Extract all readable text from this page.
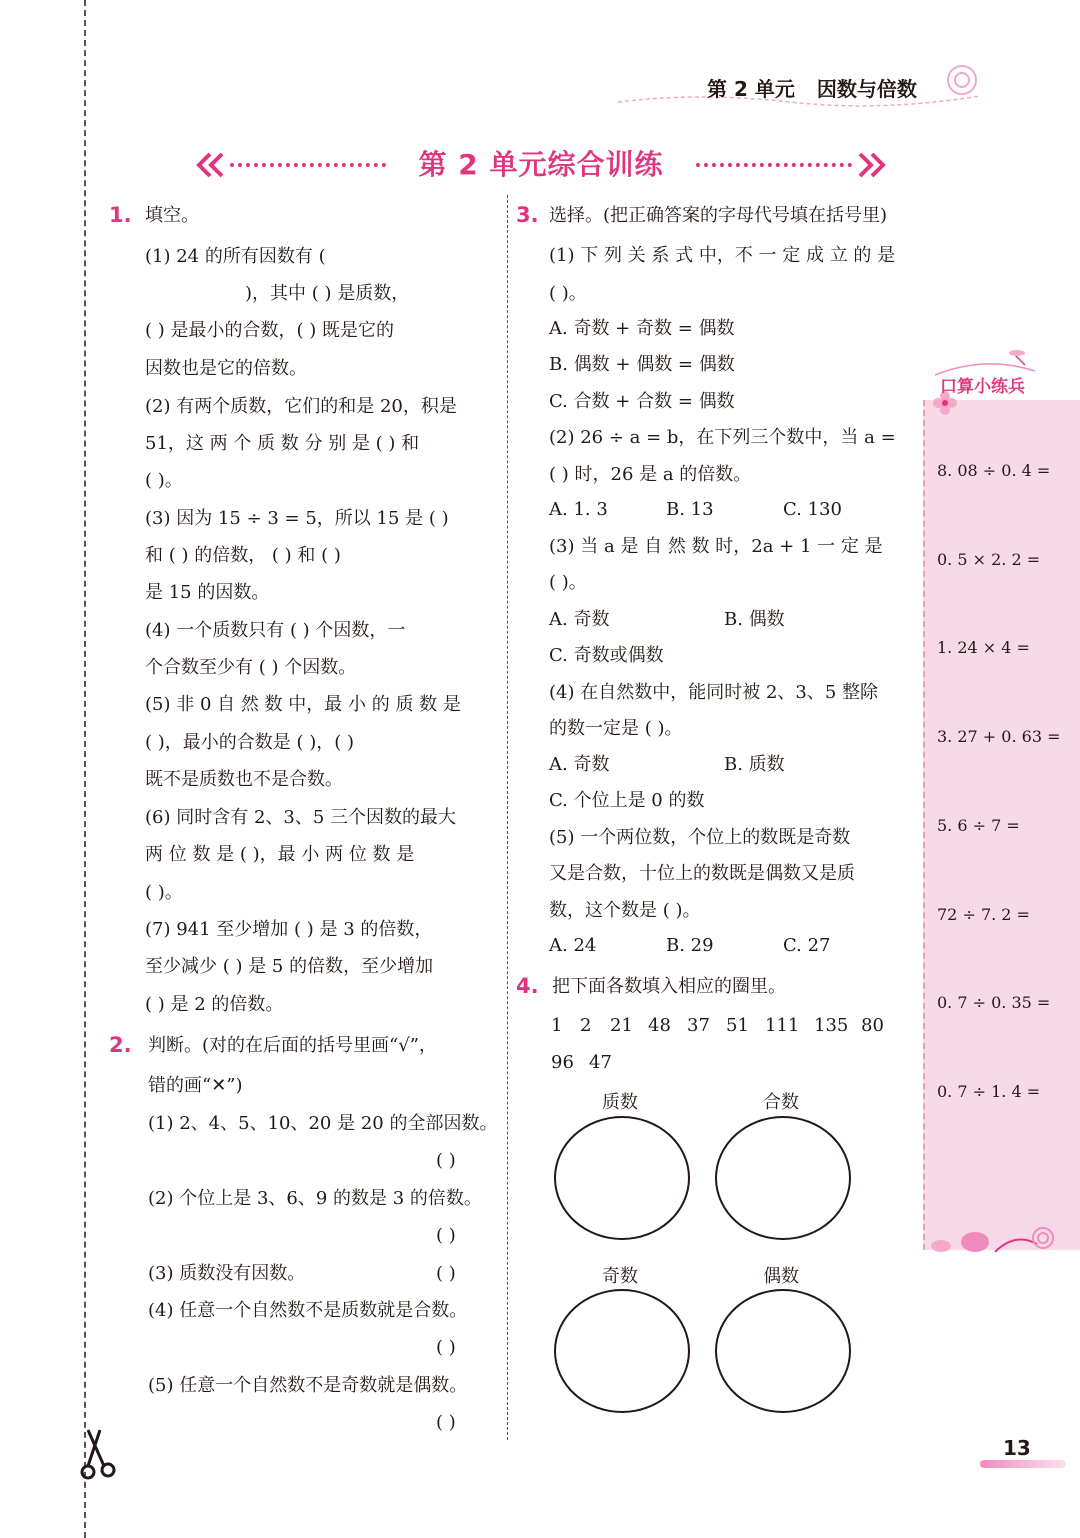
第 2 单元 因数与倍数
第 2 单元综合训练
1. 填空。
(1) 24 的所有因数有 (
)，其中 ( ) 是质数，
( ) 是最小的合数，( ) 既是它的
因数也是它的倍数。
(2) 有两个质数，它们的和是 20，积是
51，这 两 个 质 数 分 别 是 ( ) 和
( )。
(3) 因为 15 ÷ 3 = 5，所以 15 是 ( )
和 ( ) 的倍数， ( ) 和 ( )
是 15 的因数。
(4) 一个质数只有 ( ) 个因数，一
个合数至少有 ( ) 个因数。
(5) 非 0 自 然 数 中，最 小 的 质 数 是
( )，最小的合数是 ( )，( )
既不是质数也不是合数。
(6) 同时含有 2、3、5 三个因数的最大
两 位 数 是 ( )，最 小 两 位 数 是
( )。
(7) 941 至少增加 ( ) 是 3 的倍数，
至少减少 ( ) 是 5 的倍数，至少增加
( ) 是 2 的倍数。
2. 判断。(对的在后面的括号里画“√”，
错的画“✕”)
(1) 2、4、5、10、20 是 20 的全部因数。
( )
(2) 个位上是 3、6、9 的数是 3 的倍数。
( )
(3) 质数没有因数。	( )
(4) 任意一个自然数不是质数就是合数。
( )
(5) 任意一个自然数不是奇数就是偶数。
( )
3. 选择。(把正确答案的字母代号填在括号里)
(1) 下 列 关 系 式 中，不 一 定 成 立 的 是
( )。
A. 奇数 + 奇数 = 偶数
B. 偶数 + 偶数 = 偶数
C. 合数 + 合数 = 偶数
(2) 26 ÷ a = b，在下列三个数中，当 a =
( ) 时，26 是 a 的倍数。
A. 1. 3	B. 13	C. 130
(3) 当 a 是 自 然 数 时，2a + 1 一 定 是
( )。
A. 奇数	B. 偶数
C. 奇数或偶数
(4) 在自然数中，能同时被 2、3、5 整除
的数一定是 ( )。
A. 奇数	B. 质数
C. 个位上是 0 的数
(5) 一个两位数，个位上的数既是奇数
又是合数，十位上的数既是偶数又是质
数，这个数是 ( )。
A. 24	B. 29	C. 27
4. 把下面各数填入相应的圈里。
1 2 21 48 37 51 111 135 80
96 47
质数	合数
奇数	偶数
口算小练兵
8. 08 ÷ 0. 4 =
0. 5 × 2. 2 =
1. 24 × 4 =
3. 27 + 0. 63 =
5. 6 ÷ 7 =
72 ÷ 7. 2 =
0. 7 ÷ 0. 35 =
0. 7 ÷ 1. 4 =
13
